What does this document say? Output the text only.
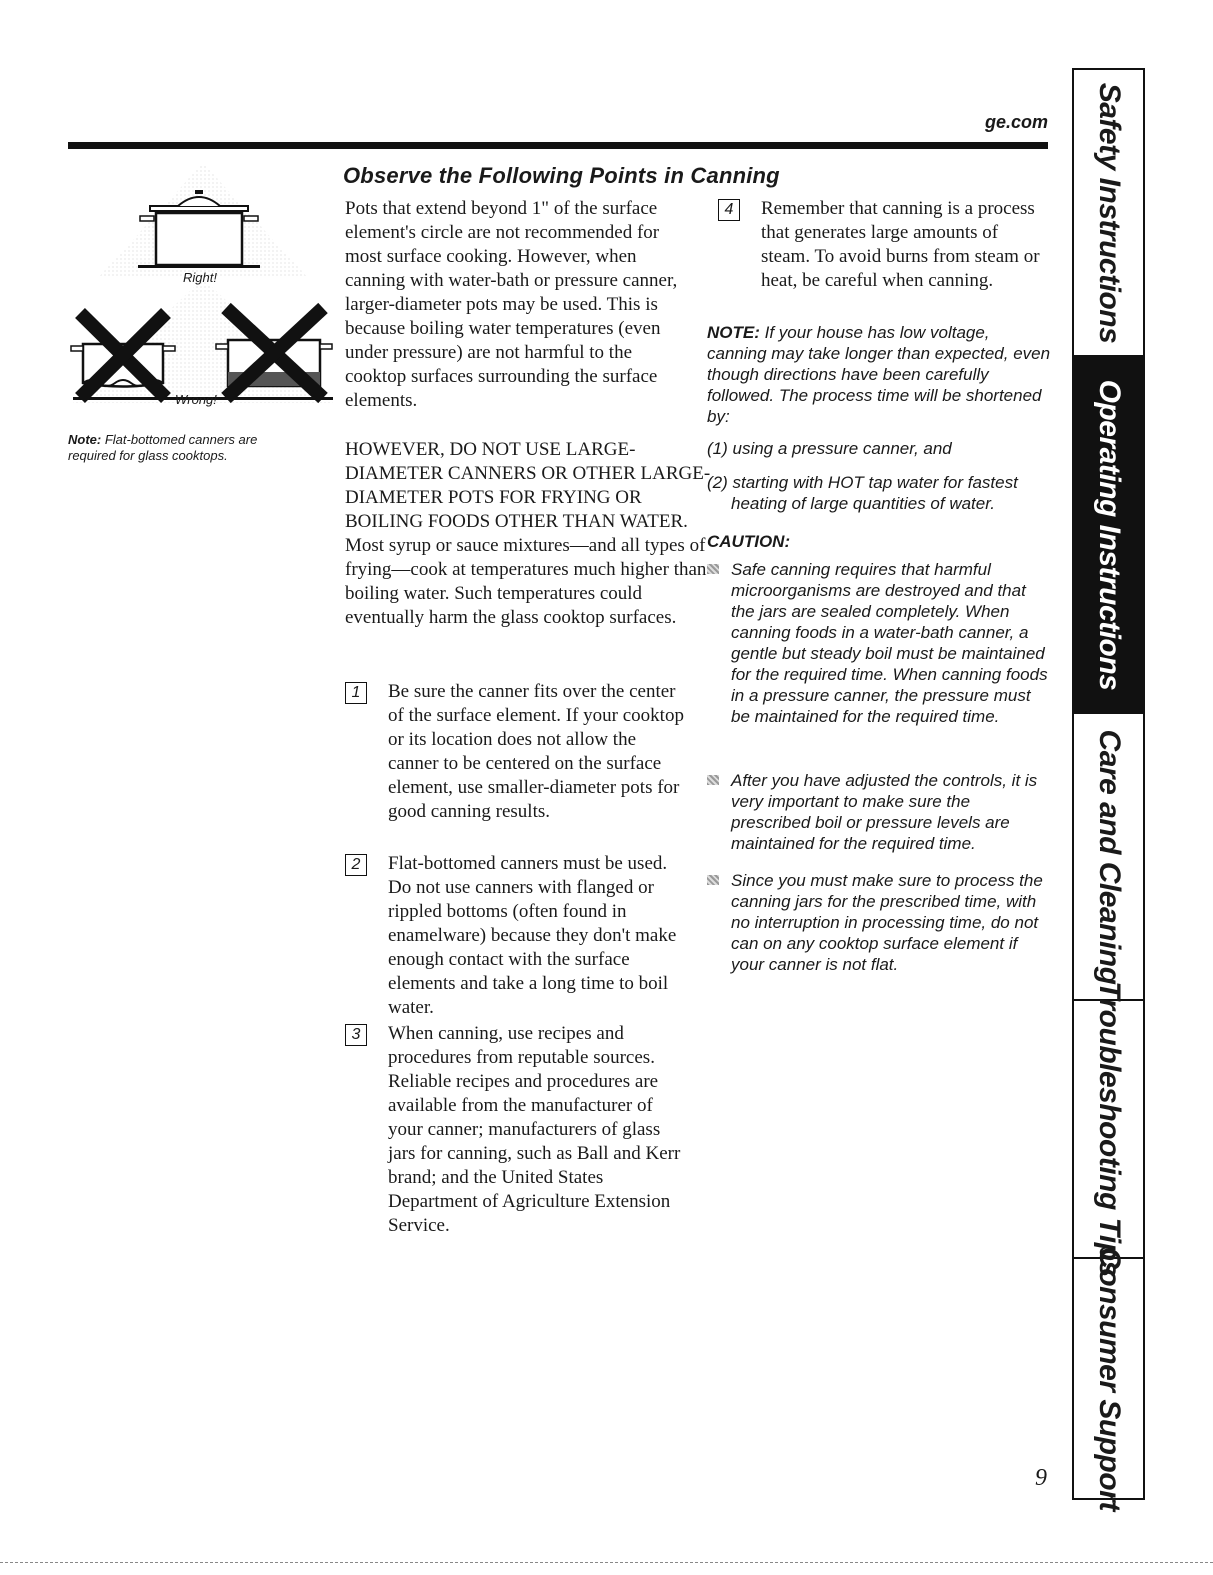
ge.com
Right!
Wrong!
Note: Flat-bottomed canners are required for glass cooktops.
Observe the Following Points in Canning
Pots that extend beyond 1" of the surface element's circle are not recommended for most surface cooking. However, when canning with water-bath or pressure canner, larger-diameter pots may be used. This is because boiling water temperatures (even under pressure) are not harmful to the cooktop surfaces surrounding the surface elements.
HOWEVER, DO NOT USE LARGE-DIAMETER CANNERS OR OTHER LARGE-DIAMETER POTS FOR FRYING OR BOILING FOODS OTHER THAN WATER. Most syrup or sauce mixtures—and all types of frying—cook at temperatures much higher than boiling water. Such temperatures could eventually harm the glass cooktop surfaces.
1	Be sure the canner fits over the center of the surface element. If your cooktop or its location does not allow the canner to be centered on the surface element, use smaller-diameter pots for good canning results.
2	Flat-bottomed canners must be used. Do not use canners with flanged or rippled bottoms (often found in enamelware) because they don't make enough contact with the surface elements and take a long time to boil water.
3	When canning, use recipes and procedures from reputable sources. Reliable recipes and procedures are available from the manufacturer of your canner; manufacturers of glass jars for canning, such as Ball and Kerr brand; and the United States Department of Agriculture Extension Service.
4	Remember that canning is a process that generates large amounts of steam. To avoid burns from steam or heat, be careful when canning.
NOTE: If your house has low voltage, canning may take longer than expected, even though directions have been carefully followed. The process time will be shortened by:
(1) using a pressure canner, and
(2) starting with HOT tap water for fastest
heating of large quantities of water.
CAUTION:
Safe canning requires that harmful microorganisms are destroyed and that the jars are sealed completely. When canning foods in a water-bath canner, a gentle but steady boil must be maintained for the required time. When canning foods in a pressure canner, the pressure must be maintained for the required time.
After you have adjusted the controls, it is very important to make sure the prescribed boil or pressure levels are maintained for the required time.
Since you must make sure to process the canning jars for the prescribed time, with no interruption in processing time, do not can on any cooktop surface element if your canner is not flat.
9
Safety Instructions
Operating Instructions
Care and Cleaning
Troubleshooting Tips
Consumer Support
